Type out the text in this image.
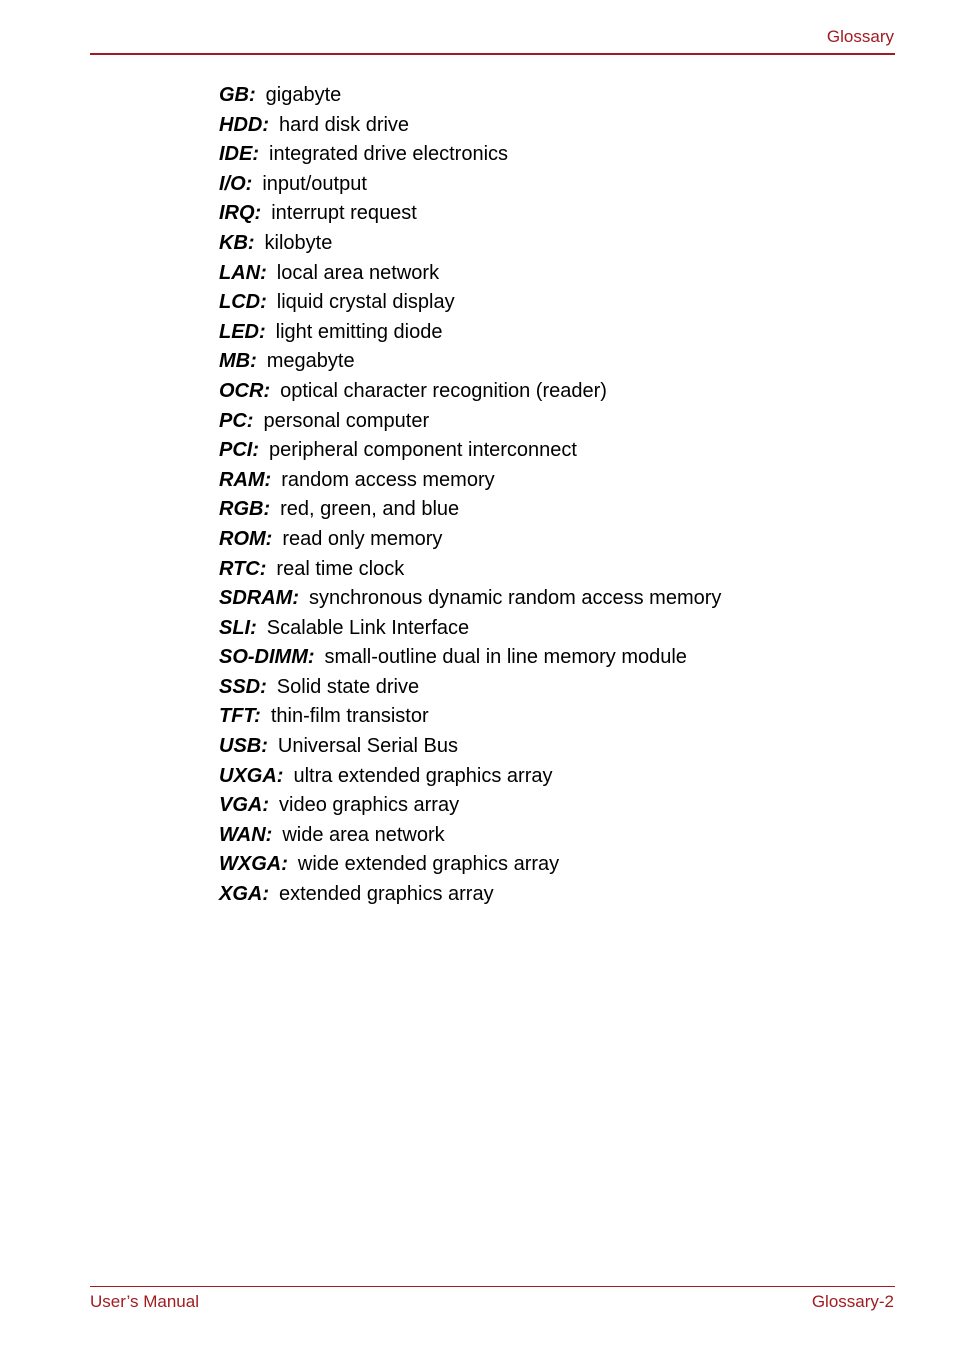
Glossary
GB: gigabyte
HDD: hard disk drive
IDE: integrated drive electronics
I/O: input/output
IRQ: interrupt request
KB: kilobyte
LAN: local area network
LCD: liquid crystal display
LED: light emitting diode
MB: megabyte
OCR: optical character recognition (reader)
PC: personal computer
PCI: peripheral component interconnect
RAM: random access memory
RGB: red, green, and blue
ROM: read only memory
RTC: real time clock
SDRAM: synchronous dynamic random access memory
SLI: Scalable Link Interface
SO-DIMM: small-outline dual in line memory module
SSD: Solid state drive
TFT: thin-film transistor
USB: Universal Serial Bus
UXGA: ultra extended graphics array
VGA: video graphics array
WAN: wide area network
WXGA: wide extended graphics array
XGA: extended graphics array
User’s Manual	Glossary-2
